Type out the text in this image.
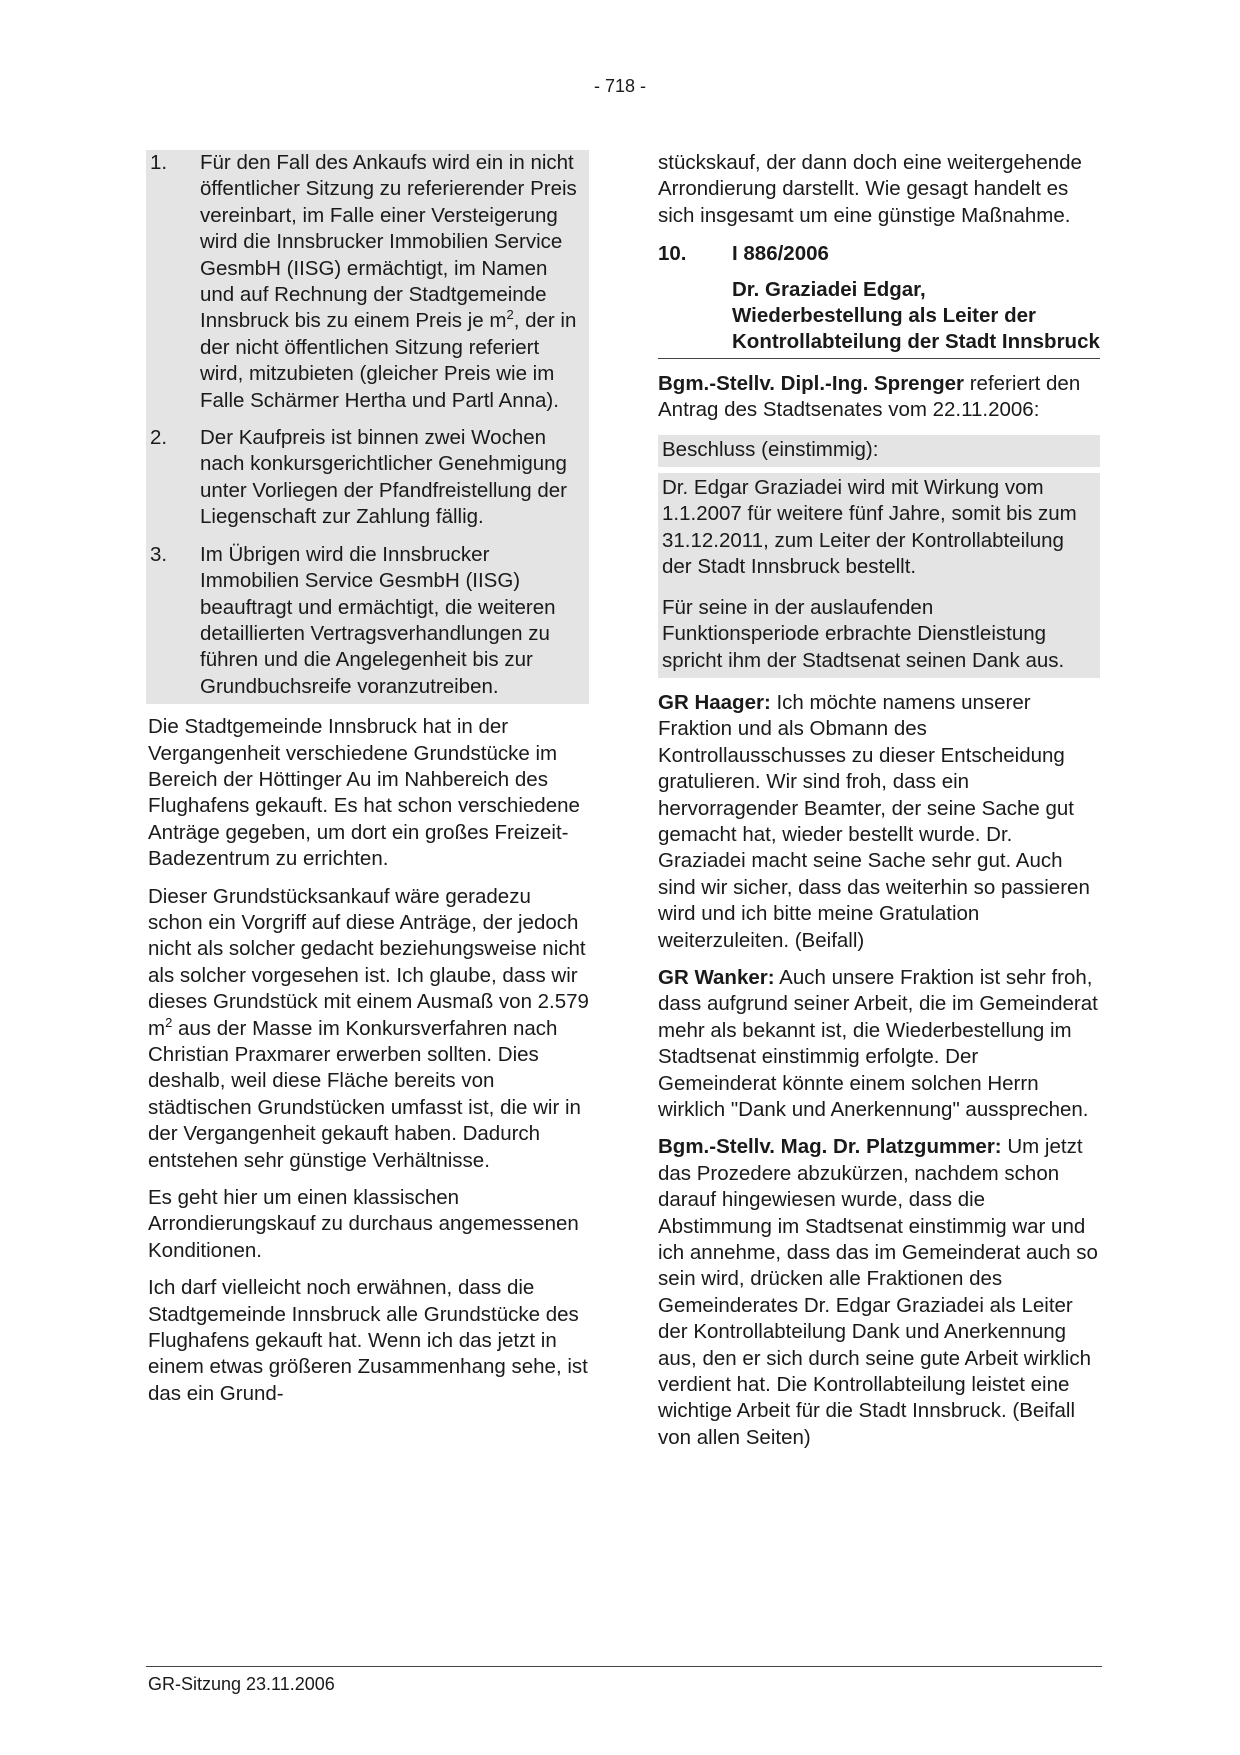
- 718 -
1.	Für den Fall des Ankaufs wird ein in nicht öffentlicher Sitzung zu referierender Preis vereinbart, im Falle einer Versteigerung wird die Innsbrucker Immobilien Service GesmbH (IISG) ermächtigt, im Namen und auf Rechnung der Stadtgemeinde Innsbruck bis zu einem Preis je $m^2$, der in der nicht öffentlichen Sitzung referiert wird, mitzubieten (gleicher Preis wie im Falle Schärmer Hertha und Partl Anna).
2.	Der Kaufpreis ist binnen zwei Wochen nach konkursgerichtlicher Genehmigung unter Vorliegen der Pfandfreistellung der Liegenschaft zur Zahlung fällig.
3.	Im Übrigen wird die Innsbrucker Immobilien Service GesmbH (IISG) beauftragt und ermächtigt, die weiteren detaillierten Vertragsverhandlungen zu führen und die Angelegenheit bis zur Grundbuchsreife voranzutreiben.

Die Stadtgemeinde Innsbruck hat in der Vergangenheit verschiedene Grundstücke im Bereich der Höttinger Au im Nahbereich des Flughafens gekauft. Es hat schon verschiedene Anträge gegeben, um dort ein großes Freizeit-Badezentrum zu errichten.

Dieser Grundstücksankauf wäre geradezu schon ein Vorgriff auf diese Anträge, der jedoch nicht als solcher gedacht beziehungsweise nicht als solcher vorgesehen ist. Ich glaube, dass wir dieses Grundstück mit einem Ausmaß von 2.579 $m^2$ aus der Masse im Konkursverfahren nach Christian Praxmarer erwerben sollten. Dies deshalb, weil diese Fläche bereits von städtischen Grundstücken umfasst ist, die wir in der Vergangenheit gekauft haben. Dadurch entstehen sehr günstige Verhältnisse.

Es geht hier um einen klassischen Arrondierungskauf zu durchaus angemessenen Konditionen.

Ich darf vielleicht noch erwähnen, dass die Stadtgemeinde Innsbruck alle Grundstücke des Flughafens gekauft hat. Wenn ich das jetzt in einem etwas größeren Zusammenhang sehe, ist das ein Grund-

stückskauf, der dann doch eine weitergehende Arrondierung darstellt. Wie gesagt handelt es sich insgesamt um eine günstige Maßnahme.

10.	I 886/2006
Dr. Graziadei Edgar, Wiederbestellung als Leiter der Kontrollabteilung der Stadt Innsbruck

Bgm.-Stellv. Dipl.-Ing. Sprenger referiert den Antrag des Stadtsenates vom 22.11.2006:

Beschluss (einstimmig):
Dr. Edgar Graziadei wird mit Wirkung vom 1.1.2007 für weitere fünf Jahre, somit bis zum 31.12.2011, zum Leiter der Kontrollabteilung der Stadt Innsbruck bestellt.
Für seine in der auslaufenden Funktionsperiode erbrachte Dienstleistung spricht ihm der Stadtsenat seinen Dank aus.

GR Haager: Ich möchte namens unserer Fraktion und als Obmann des Kontrollausschusses zu dieser Entscheidung gratulieren. Wir sind froh, dass ein hervorragender Beamter, der seine Sache gut gemacht hat, wieder bestellt wurde. Dr. Graziadei macht seine Sache sehr gut. Auch sind wir sicher, dass das weiterhin so passieren wird und ich bitte meine Gratulation weiterzuleiten. (Beifall)

GR Wanker: Auch unsere Fraktion ist sehr froh, dass aufgrund seiner Arbeit, die im Gemeinderat mehr als bekannt ist, die Wiederbestellung im Stadtsenat einstimmig erfolgte. Der Gemeinderat könnte einem solchen Herrn wirklich "Dank und Anerkennung" aussprechen.

Bgm.-Stellv. Mag. Dr. Platzgummer: Um jetzt das Prozedere abzukürzen, nachdem schon darauf hingewiesen wurde, dass die Abstimmung im Stadtsenat einstimmig war und ich annehme, dass das im Gemeinderat auch so sein wird, drücken alle Fraktionen des Gemeinderates Dr. Edgar Graziadei als Leiter der Kontrollabteilung Dank und Anerkennung aus, den er sich durch seine gute Arbeit wirklich verdient hat. Die Kontrollabteilung leistet eine wichtige Arbeit für die Stadt Innsbruck. (Beifall von allen Seiten)

GR-Sitzung 23.11.2006
